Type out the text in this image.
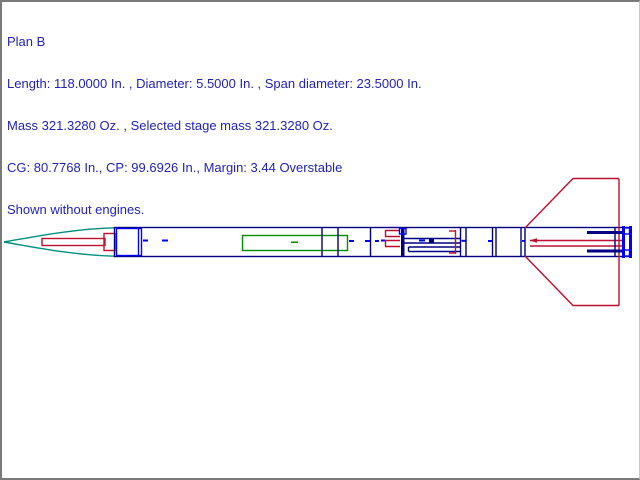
Plan B

Length: 118.0000 In. , Diameter: 5.5000 In. , Span diameter: 23.5000 In.

Mass 321.3280 Oz. , Selected stage mass 321.3280 Oz.

CG: 80.7768 In., CP: 99.6926 In., Margin: 3.44 Overstable

Shown without engines.
